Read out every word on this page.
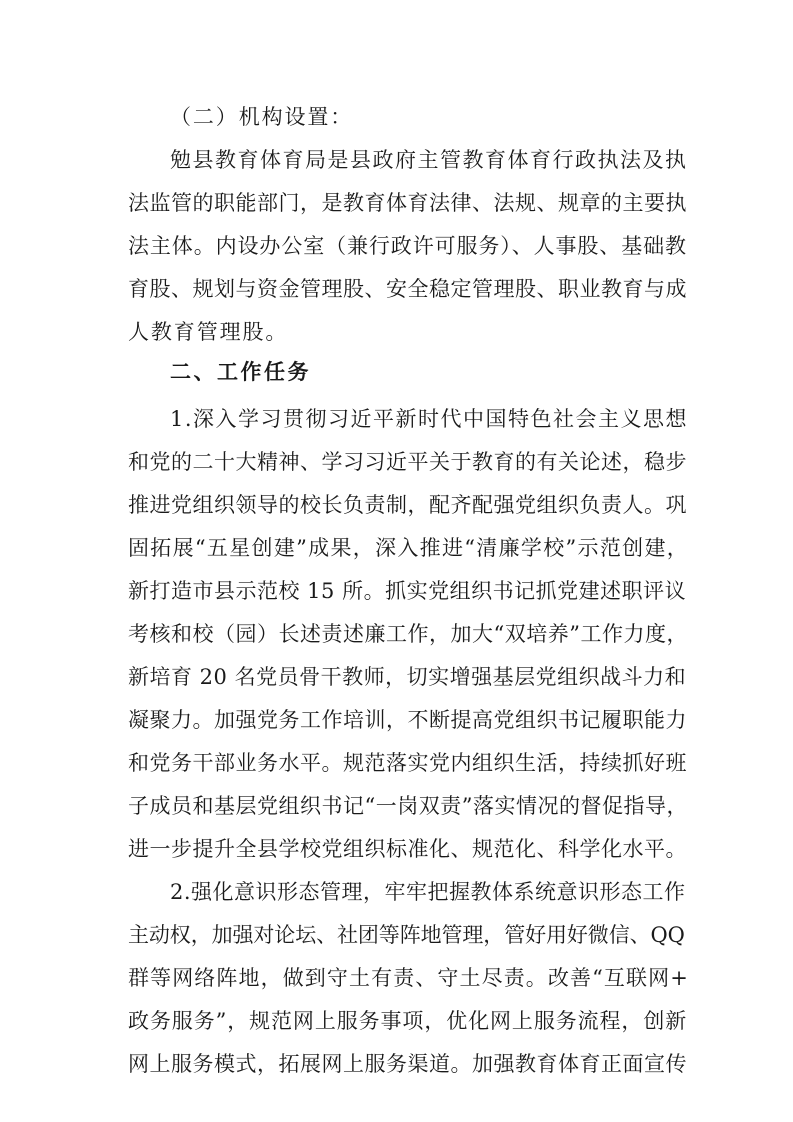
（二）机构设置：
勉县教育体育局是县政府主管教育体育行政执法及执
法监管的职能部门，是教育体育法律、法规、规章的主要执
法主体。内设办公室（兼行政许可服务）、人事股、基础教
育股、规划与资金管理股、安全稳定管理股、职业教育与成
人教育管理股。
二、工作任务
1.深入学习贯彻习近平新时代中国特色社会主义思想
和党的二十大精神、学习习近平关于教育的有关论述，稳步
推进党组织领导的校长负责制，配齐配强党组织负责人。巩
固拓展“五星创建”成果，深入推进“清廉学校”示范创建，
新打造市县示范校 15 所。抓实党组织书记抓党建述职评议
考核和校（园）长述责述廉工作，加大“双培养”工作力度，
新培育 20 名党员骨干教师，切实增强基层党组织战斗力和
凝聚力。加强党务工作培训，不断提高党组织书记履职能力
和党务干部业务水平。规范落实党内组织生活，持续抓好班
子成员和基层党组织书记“一岗双责”落实情况的督促指导，
进一步提升全县学校党组织标准化、规范化、科学化水平。
2.强化意识形态管理，牢牢把握教体系统意识形态工作
主动权，加强对论坛、社团等阵地管理，管好用好微信、QQ
群等网络阵地，做到守土有责、守土尽责。改善“互联网+
政务服务”，规范网上服务事项，优化网上服务流程，创新
网上服务模式，拓展网上服务渠道。加强教育体育正面宣传
